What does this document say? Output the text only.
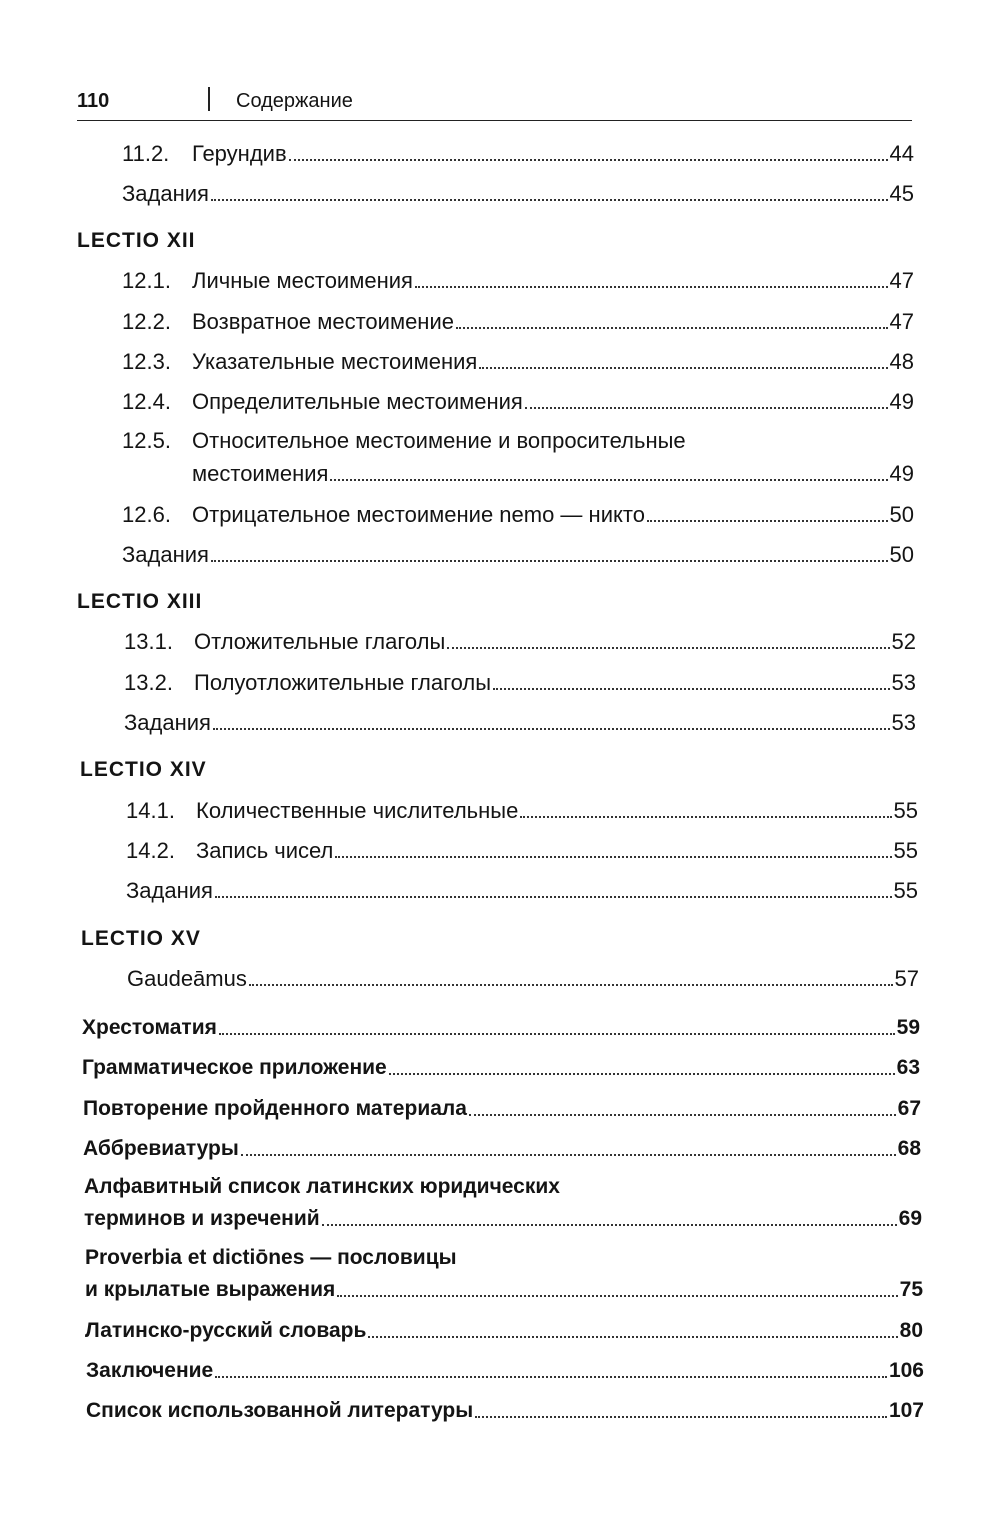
110	Содержание
11.2.	Герундив	44
Задания	45
LECTIO XII
12.1. Личные местоимения	47
12.2. Возвратное местоимение	47
12.3. Указательные местоимения	48
12.4. Определительные местоимения	49
12.5. Относительное местоимение и вопросительные
местоимения	49
12.6. Отрицательное местоимение nemo — никто	50
Задания	50
LECTIO XIII
13.1. Отложительные глаголы	52
13.2. Полуотложительные глаголы	53
Задания	53
LECTIO XIV
14.1. Количественные числительные	55
14.2. Запись чисел	55
Задания	55
LECTIO XV
Gaudeāmus	57
Хрестоматия	59
Грамматическое приложение	63
Повторение пройденного материала	67
Аббревиатуры	68
Алфавитный список латинских юридических
терминов и изречений	69
Proverbia et dictiōnes — пословицы
и крылатые выражения	75
Латинско-русский словарь	80
Заключение	106
Список использованной литературы	107
